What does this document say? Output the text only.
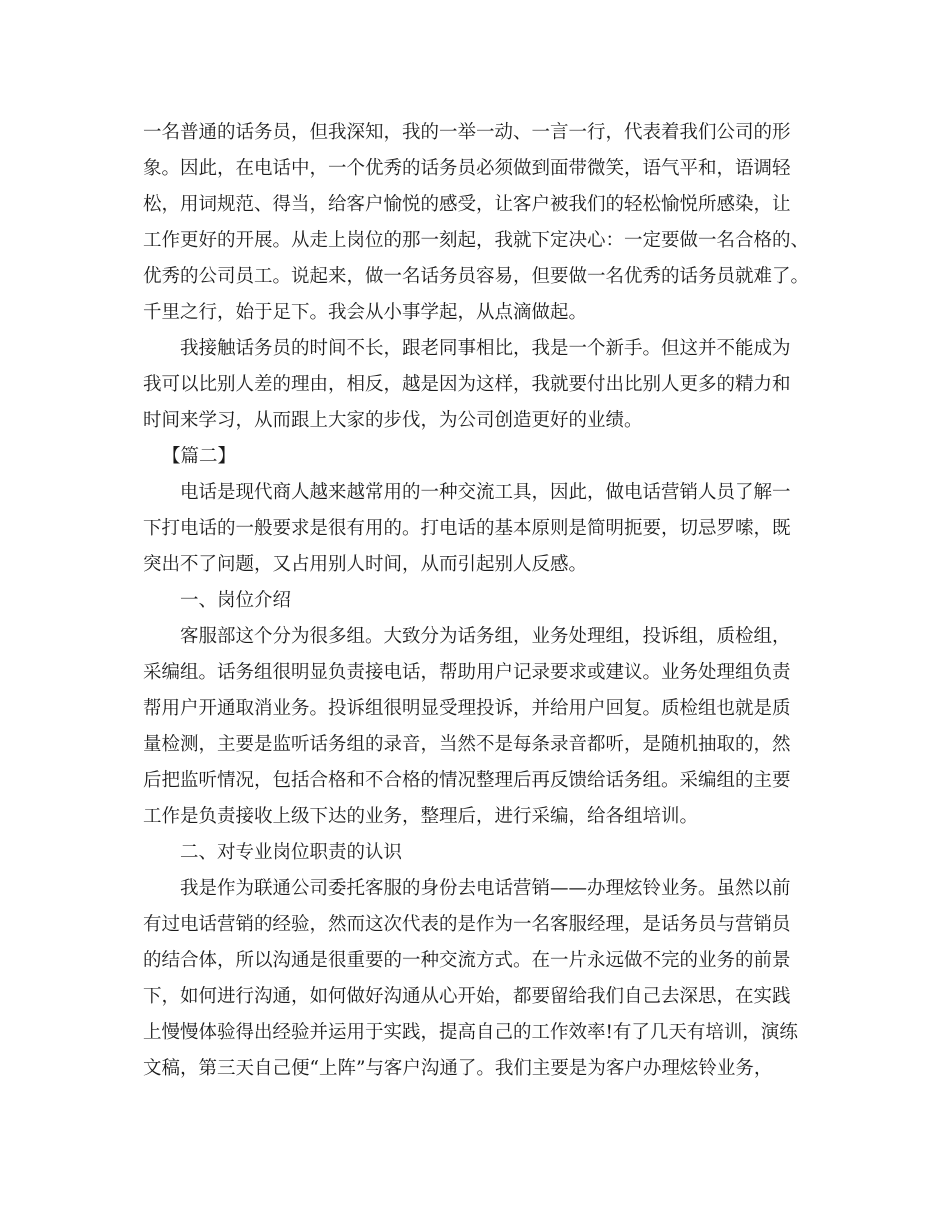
一名普通的话务员，但我深知，我的一举一动、一言一行，代表着我们公司的形
象。因此，在电话中，一个优秀的话务员必须做到面带微笑，语气平和，语调轻
松，用词规范、得当，给客户愉悦的感受，让客户被我们的轻松愉悦所感染，让
工作更好的开展。从走上岗位的那一刻起，我就下定决心：一定要做一名合格的、
优秀的公司员工。说起来，做一名话务员容易，但要做一名优秀的话务员就难了。
千里之行，始于足下。我会从小事学起，从点滴做起。
我接触话务员的时间不长，跟老同事相比，我是一个新手。但这并不能成为
我可以比别人差的理由，相反，越是因为这样，我就要付出比别人更多的精力和
时间来学习，从而跟上大家的步伐，为公司创造更好的业绩。
【篇二】
电话是现代商人越来越常用的一种交流工具，因此，做电话营销人员了解一
下打电话的一般要求是很有用的。打电话的基本原则是简明扼要，切忌罗嗦，既
突出不了问题，又占用别人时间，从而引起别人反感。
一、岗位介绍
客服部这个分为很多组。大致分为话务组，业务处理组，投诉组，质检组，
采编组。话务组很明显负责接电话，帮助用户记录要求或建议。业务处理组负责
帮用户开通取消业务。投诉组很明显受理投诉，并给用户回复。质检组也就是质
量检测，主要是监听话务组的录音，当然不是每条录音都听，是随机抽取的，然
后把监听情况，包括合格和不合格的情况整理后再反馈给话务组。采编组的主要
工作是负责接收上级下达的业务，整理后，进行采编，给各组培训。
二、对专业岗位职责的认识
我是作为联通公司委托客服的身份去电话营销——办理炫铃业务。虽然以前
有过电话营销的经验，然而这次代表的是作为一名客服经理，是话务员与营销员
的结合体，所以沟通是很重要的一种交流方式。在一片永远做不完的业务的前景
下，如何进行沟通，如何做好沟通从心开始，都要留给我们自己去深思，在实践
上慢慢体验得出经验并运用于实践，提高自己的工作效率!有了几天有培训，演练
文稿，第三天自己便“上阵”与客户沟通了。我们主要是为客户办理炫铃业务，
